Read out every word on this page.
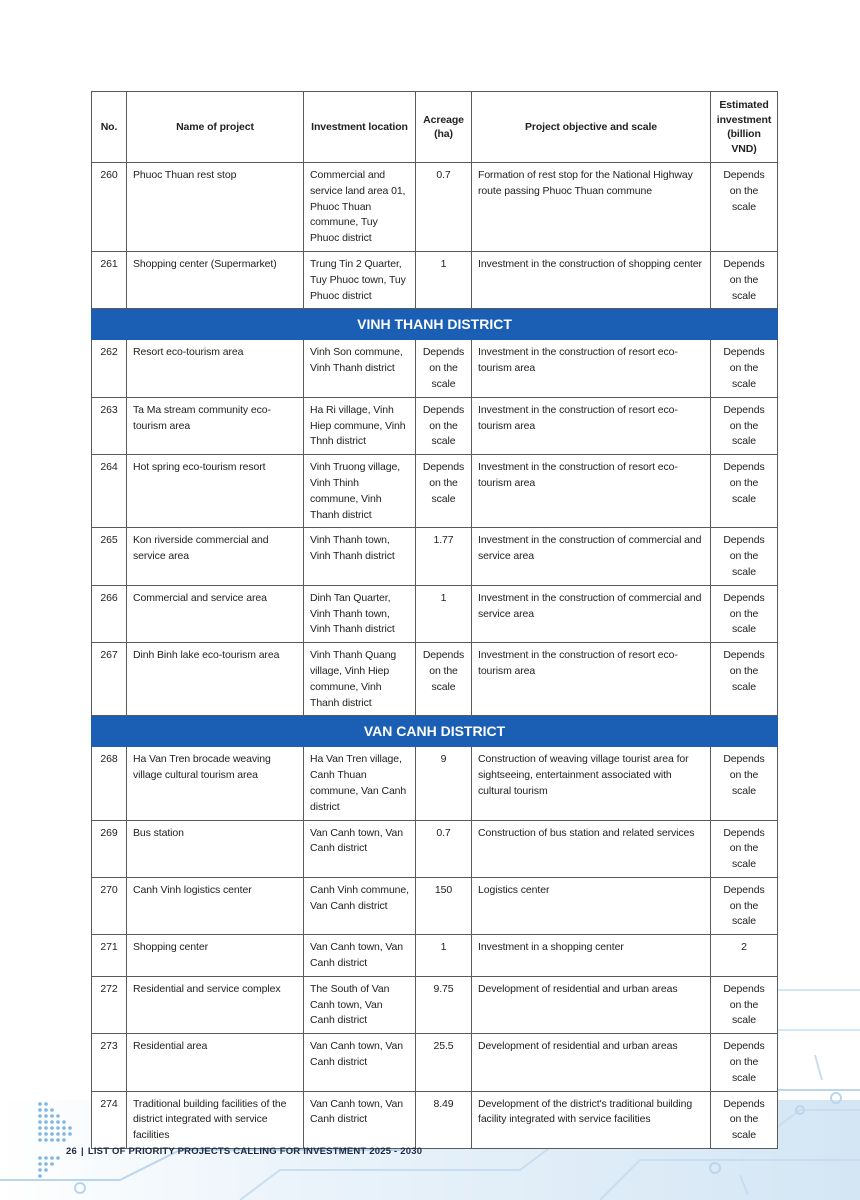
No.	Name of project	Investment location	Acreage (ha)	Project objective and scale	Estimated investment (billion VND)
260	Phuoc Thuan rest stop	Commercial and service land area 01, Phuoc Thuan commune, Tuy Phuoc district	0.7	Formation of rest stop for the National Highway route passing Phuoc Thuan commune	Depends on the scale
261	Shopping center (Supermarket)	Trung Tin 2 Quarter, Tuy Phuoc town, Tuy Phuoc district	1	Investment in the construction of shopping center	Depends on the scale
VINH THANH DISTRICT					
262	Resort eco-tourism area	Vinh Son commune, Vinh Thanh district	Depends on the scale	Investment in the construction of resort eco-tourism area	Depends on the scale
263	Ta Ma stream community eco-tourism area	Ha Ri village, Vinh Hiep commune, Vinh Thnh district	Depends on the scale	Investment in the construction of resort eco-tourism area	Depends on the scale
264	Hot spring eco-tourism resort	Vinh Truong village, Vinh Thinh commune, Vinh Thanh district	Depends on the scale	Investment in the construction of resort eco-tourism area	Depends on the scale
265	Kon riverside commercial and service area	Vinh Thanh town, Vinh Thanh district	1.77	Investment in the construction of commercial and service area	Depends on the scale
266	Commercial and service area	Dinh Tan Quarter, Vinh Thanh town, Vinh Thanh district	1	Investment in the construction of commercial and service area	Depends on the scale
267	Dinh Binh lake eco-tourism area	Vinh Thanh Quang village, Vinh Hiep commune, Vinh Thanh district	Depends on the scale	Investment in the construction of resort eco-tourism area	Depends on the scale
VAN CANH DISTRICT					
268	Ha Van Tren brocade weaving village cultural tourism area	Ha Van Tren village, Canh Thuan commune, Van Canh district	9	Construction of weaving village tourist area for sightseeing, entertainment associated with cultural tourism	Depends on the scale
269	Bus station	Van Canh town, Van Canh district	0.7	Construction of bus station and related services	Depends on the scale
270	Canh Vinh logistics center	Canh Vinh commune, Van Canh district	150	Logistics center	Depends on the scale
271	Shopping center	Van Canh town, Van Canh district	1	Investment in a shopping center	2
272	Residential and service complex	The South of Van Canh town, Van Canh district	9.75	Development of residential and urban areas	Depends on the scale
273	Residential area	Van Canh town, Van Canh district	25.5	Development of residential and urban areas	Depends on the scale
274	Traditional building facilities of the district integrated with service facilities	Van Canh town, Van Canh district	8.49	Development of the district's traditional building facility integrated with service facilities	Depends on the scale
26 | LIST OF PRIORITY PROJECTS CALLING FOR INVESTMENT 2025 - 2030
